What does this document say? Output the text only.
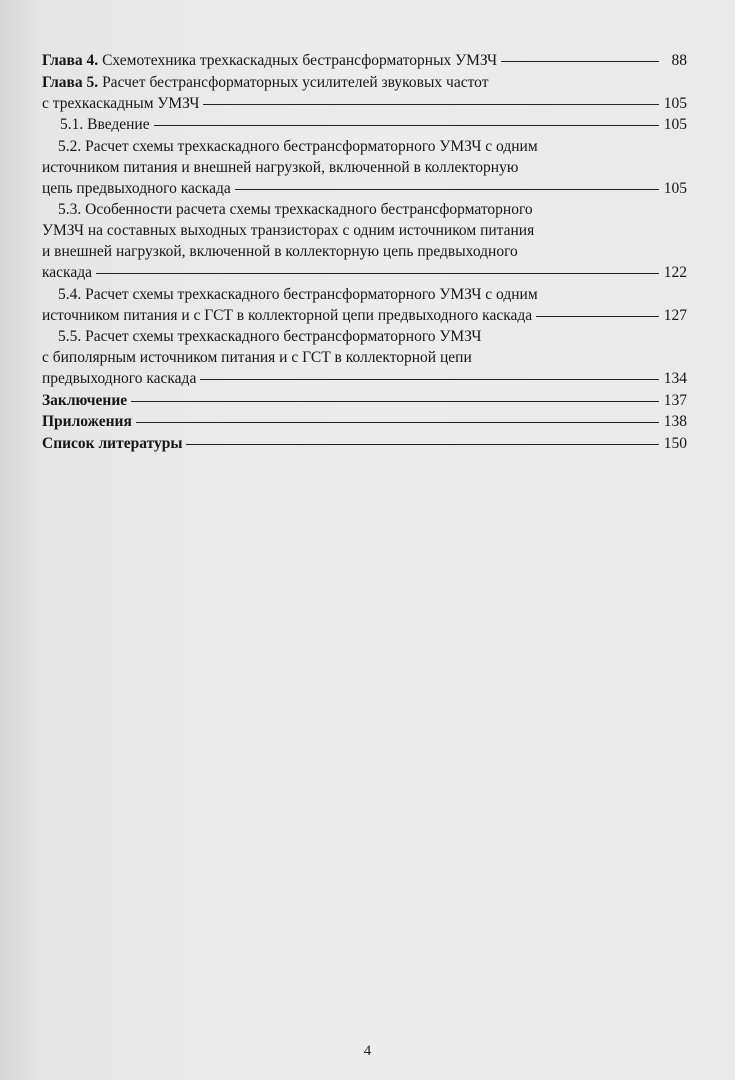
Глава 4. Схемотехника трехкаскадных бестрансформаторных УМЗЧ	88
Глава 5. Расчет бестрансформаторных усилителей звуковых частот
с трехкаскадным УМЗЧ	105
5.1. Введение	105
5.2. Расчет схемы трехкаскадного бестрансформаторного УМЗЧ с одним
источником питания и внешней нагрузкой, включенной в коллекторную
цепь предвыходного каскада	105
5.3. Особенности расчета схемы трехкаскадного бестрансформаторного
УМЗЧ на составных выходных транзисторах с одним источником питания
и внешней нагрузкой, включенной в коллекторную цепь предвыходного
каскада	122
5.4. Расчет схемы трехкаскадного бестрансформаторного УМЗЧ с одним
источником питания и с ГСТ в коллекторной цепи предвыходного каскада	127
5.5. Расчет схемы трехкаскадного бестрансформаторного УМЗЧ
с биполярным источником питания и с ГСТ в коллекторной цепи
предвыходного каскада	134
Заключение	137
Приложения	138
Список литературы	150
4
